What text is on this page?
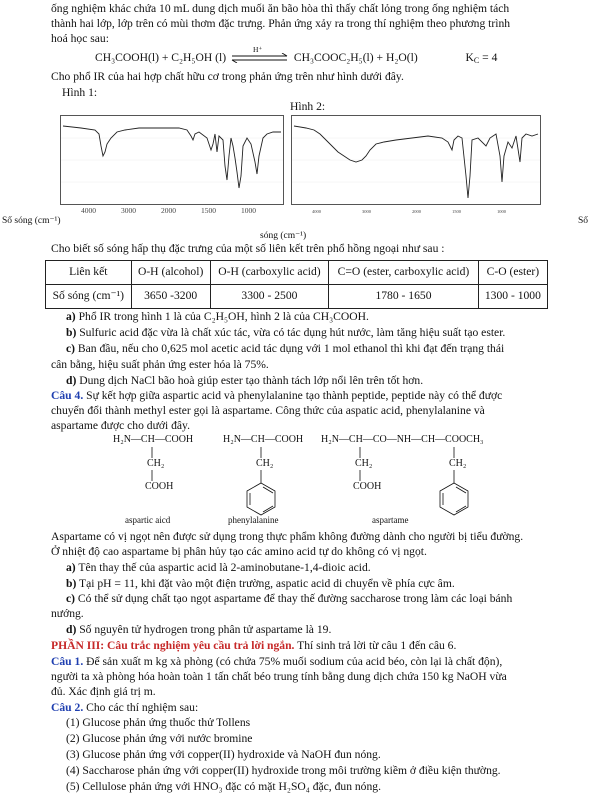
ống nghiệm khác chứa 10 mL dung dịch muối ăn bão hòa thì thấy chất lỏng trong ống nghiệm tách
thành hai lớp, lớp trên có mùi thơm đặc trưng. Phản ứng xảy ra trong thí nghiệm theo phương trình
hoá học sau:
CH₃COOH(l) + C₂H₅OH (l)
H⁺
CH₃COOC₂H₅(l) + H₂O(l)	$K_C = 4$
Cho phổ IR của hai hợp chất hữu cơ trong phản ứng trên như hình dưới đây.
Hình 1:
Hình 2:
4000	3000	2000	1500	1000	4000	3000	2000	1500	1000
Số sóng (cm⁻¹)
sóng (cm⁻¹)
Số
Cho biết số sóng hấp thụ đặc trưng của một số liên kết trên phổ hồng ngoại như sau :
Liên kết	O-H (alcohol)	O-H (carboxylic acid)	C=O (ester, carboxylic acid)	C-O (ester)
Số sóng (cm⁻¹)	3650 -3200	3300 - 2500	1780 - 1650	1300 - 1000
a) Phổ IR trong hình 1 là của C₂H₅OH, hình 2 là của CH₃COOH.
b) Sulfuric acid đặc vừa là chất xúc tác, vừa có tác dụng hút nước, làm tăng hiệu suất tạo ester.
c) Ban đầu, nếu cho 0,625 mol acetic acid tác dụng với 1 mol ethanol thì khi đạt đến trạng thái
cân bằng, hiệu suất phản ứng ester hóa là 75%.
d) Dung dịch NaCl bão hoà giúp ester tạo thành tách lớp nổi lên trên tốt hơn.
Câu 4. Sự kết hợp giữa aspartic acid và phenylalanine tạo thành peptide, peptide này có thể được
chuyển đổi thành methyl ester gọi là aspartame. Công thức của aspatic acid, phenylalanine và
aspartame được cho dưới đây.
H₂N—CH—COOH
CH₂
COOH
H₂N—CH—COOH
CH₂
H₂N—CH—CO—NH—CH—COOCH₃
CH₂
COOH
CH₂
aspartic aicd	phenylalanine	aspartame
Aspartame có vị ngọt nên được sử dụng trong thực phẩm không đường dành cho người bị tiểu đường.
Ở nhiệt độ cao aspartame bị phân hủy tạo các amino acid tự do không có vị ngọt.
a) Tên thay thế của aspartic acid là 2-aminobutane-1,4-dioic acid.
b) Tại pH = 11, khi đặt vào một điện trường, aspatic acid di chuyển về phía cực âm.
c) Có thể sử dụng chất tạo ngọt aspartame để thay thế đường saccharose trong làm các loại bánh
nướng.
d) Số nguyên tử hydrogen trong phân tử aspartame là 19.
PHẦN III: Câu trắc nghiệm yêu cầu trả lời ngắn. Thí sinh trả lời từ câu 1 đến câu 6.
Câu 1. Để sản xuất m kg xà phòng (có chứa 75% muối sodium của acid béo, còn lại là chất độn),
người ta xà phòng hóa hoàn toàn 1 tấn chất béo trung tính bằng dung dịch chứa 150 kg NaOH vừa
đủ. Xác định giá trị m.
Câu 2. Cho các thí nghiệm sau:
(1) Glucose phản ứng thuốc thử Tollens
(2) Glucose phản ứng với nước bromine
(3) Glucose phản ứng với copper(II) hydroxide và NaOH đun nóng.
(4) Saccharose phản ứng với copper(II) hydroxide trong môi trường kiềm ở điều kiện thường.
(5) Cellulose phản ứng với HNO₃ đặc có mặt H₂SO₄ đặc, đun nóng.
